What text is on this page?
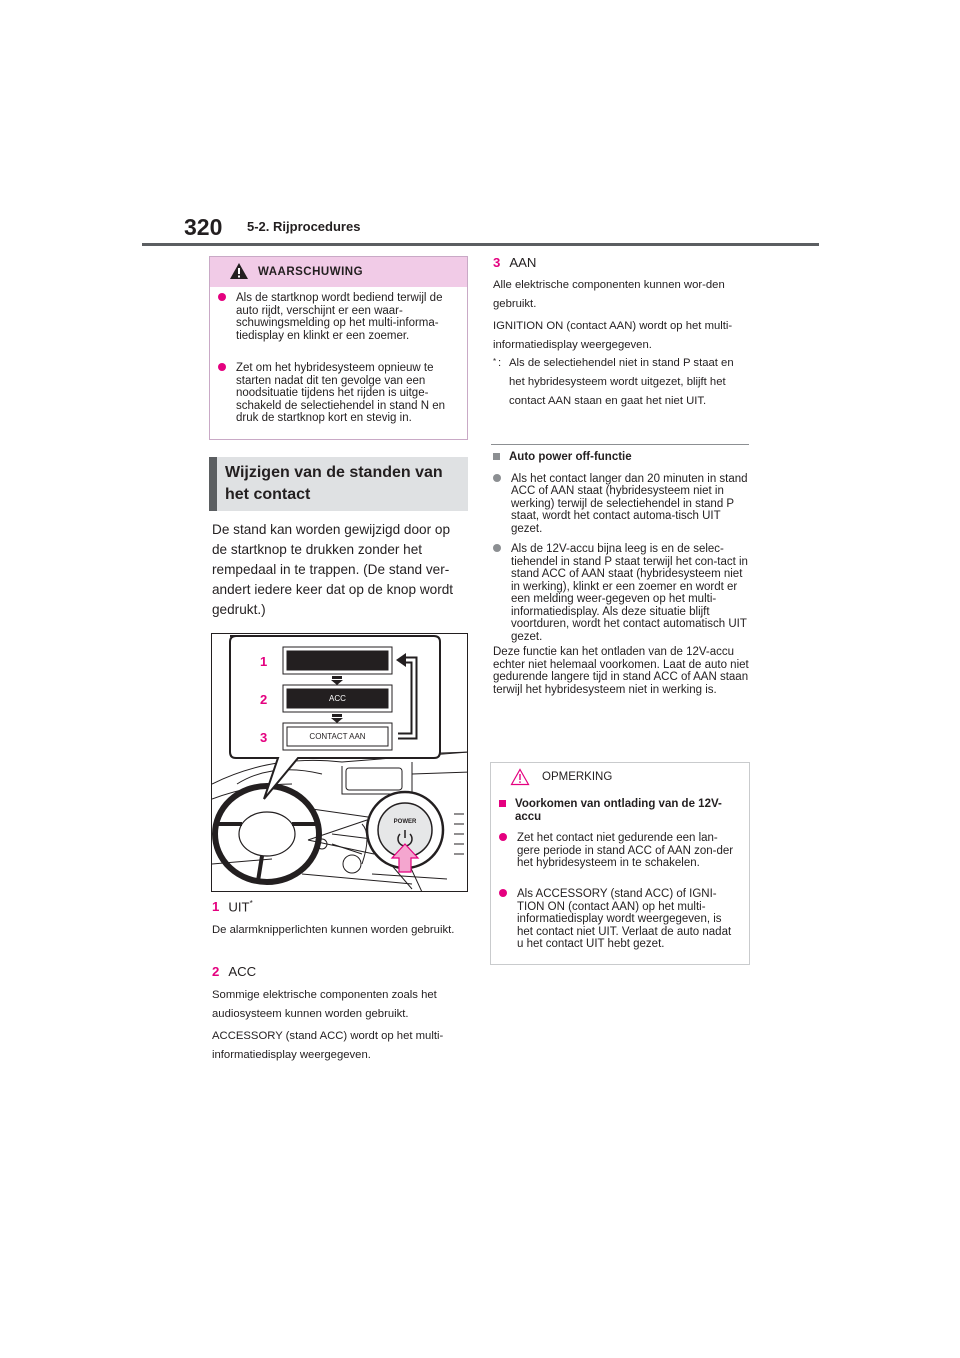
320 5-2. Rijprocedures
WAARSCHUWING
Als de startknop wordt bediend terwijl de auto rijdt, verschijnt er een waar-schuwingsmelding op het multi-informa-tiedisplay en klinkt er een zoemer.
Zet om het hybridesysteem opnieuw te starten nadat dit ten gevolge van een noodsituatie tijdens het rijden is uitge-schakeld de selectiehendel in stand N en druk de startknop kort en stevig in.
Wijzigen van de standen van het contact
De stand kan worden gewijzigd door op de startknop te drukken zonder het rempedaal in te trappen. (De stand ver-andert iedere keer dat op de knop wordt gedrukt.)
1
2
3
ACC
CONTACT AAN
POWER
1 UIT*
De alarmknipperlichten kunnen worden gebruikt.
2 ACC
Sommige elektrische componenten zoals het audiosysteem kunnen worden gebruikt.
ACCESSORY (stand ACC) wordt op het multi-informatiedisplay weergegeven.
3 AAN
Alle elektrische componenten kunnen wor-den gebruikt.
IGNITION ON (contact AAN) wordt op het multi-informatiedisplay weergegeven.
* : Als de selectiehendel niet in stand P staat en het hybridesysteem wordt uitgezet, blijft het contact AAN staan en gaat het niet UIT.
Auto power off-functie
Als het contact langer dan 20 minuten in stand ACC of AAN staat (hybridesysteem niet in werking) terwijl de selectiehendel in stand P staat, wordt het contact automa-tisch UIT gezet.
Als de 12V-accu bijna leeg is en de selec-tiehendel in stand P staat terwijl het con-tact in stand ACC of AAN staat (hybridesysteem niet in werking), klinkt er een zoemer en wordt er een melding weer-gegeven op het multi-informatiedisplay. Als deze situatie blijft voortduren, wordt het contact automatisch UIT gezet.
Deze functie kan het ontladen van de 12V-accu echter niet helemaal voorkomen. Laat de auto niet gedurende langere tijd in stand ACC of AAN staan terwijl het hybridesysteem niet in werking is.
OPMERKING
Voorkomen van ontlading van de 12V-accu
Zet het contact niet gedurende een lan-gere periode in stand ACC of AAN zon-der het hybridesysteem in te schakelen.
Als ACCESSORY (stand ACC) of IGNI-TION ON (contact AAN) op het multi-informatiedisplay wordt weergegeven, is het contact niet UIT. Verlaat de auto nadat u het contact UIT hebt gezet.
